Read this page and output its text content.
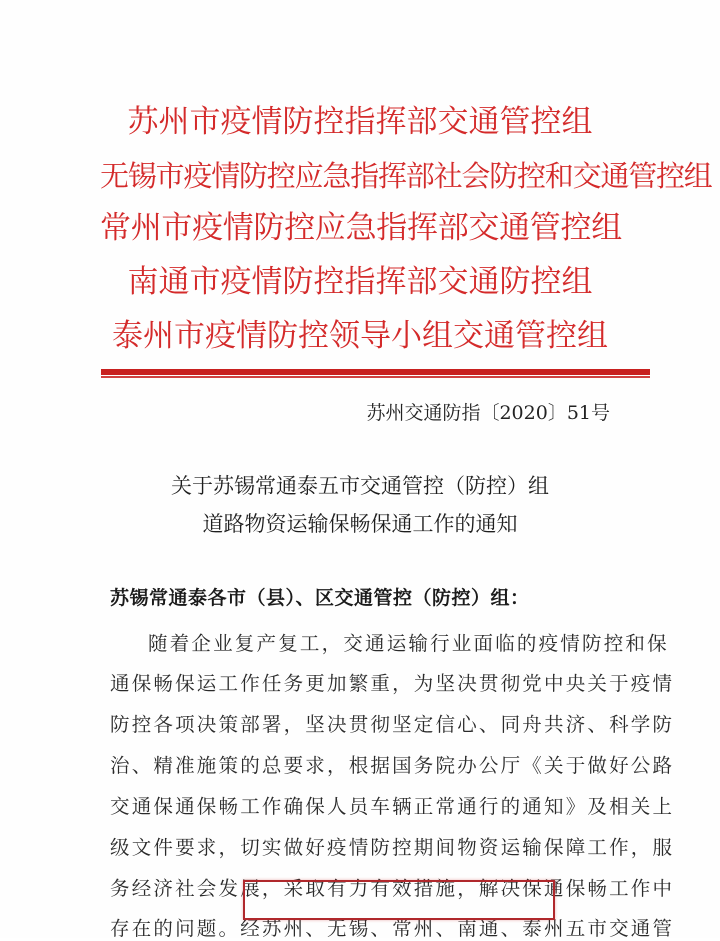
苏州市疫情防控指挥部交通管控组
无锡市疫情防控应急指挥部社会防控和交通管控组
常州市疫情防控应急指挥部交通管控组
南通市疫情防控指挥部交通防控组
泰州市疫情防控领导小组交通管控组
苏州交通防指〔2020〕51号
关于苏锡常通泰五市交通管控（防控）组
道路物资运输保畅保通工作的通知
苏锡常通泰各市（县）、区交通管控（防控）组：
随着企业复产复工，交通运输行业面临的疫情防控和保
通保畅保运工作任务更加繁重，为坚决贯彻党中央关于疫情
防控各项决策部署，坚决贯彻坚定信心、同舟共济、科学防
治、精准施策的总要求，根据国务院办公厅《关于做好公路
交通保通保畅工作确保人员车辆正常通行的通知》及相关上
级文件要求，切实做好疫情防控期间物资运输保障工作，服
务经济社会发展，采取有力有效措施，解决保通保畅工作中
存在的问题。经苏州、无锡、常州、南通、泰州五市交通管
